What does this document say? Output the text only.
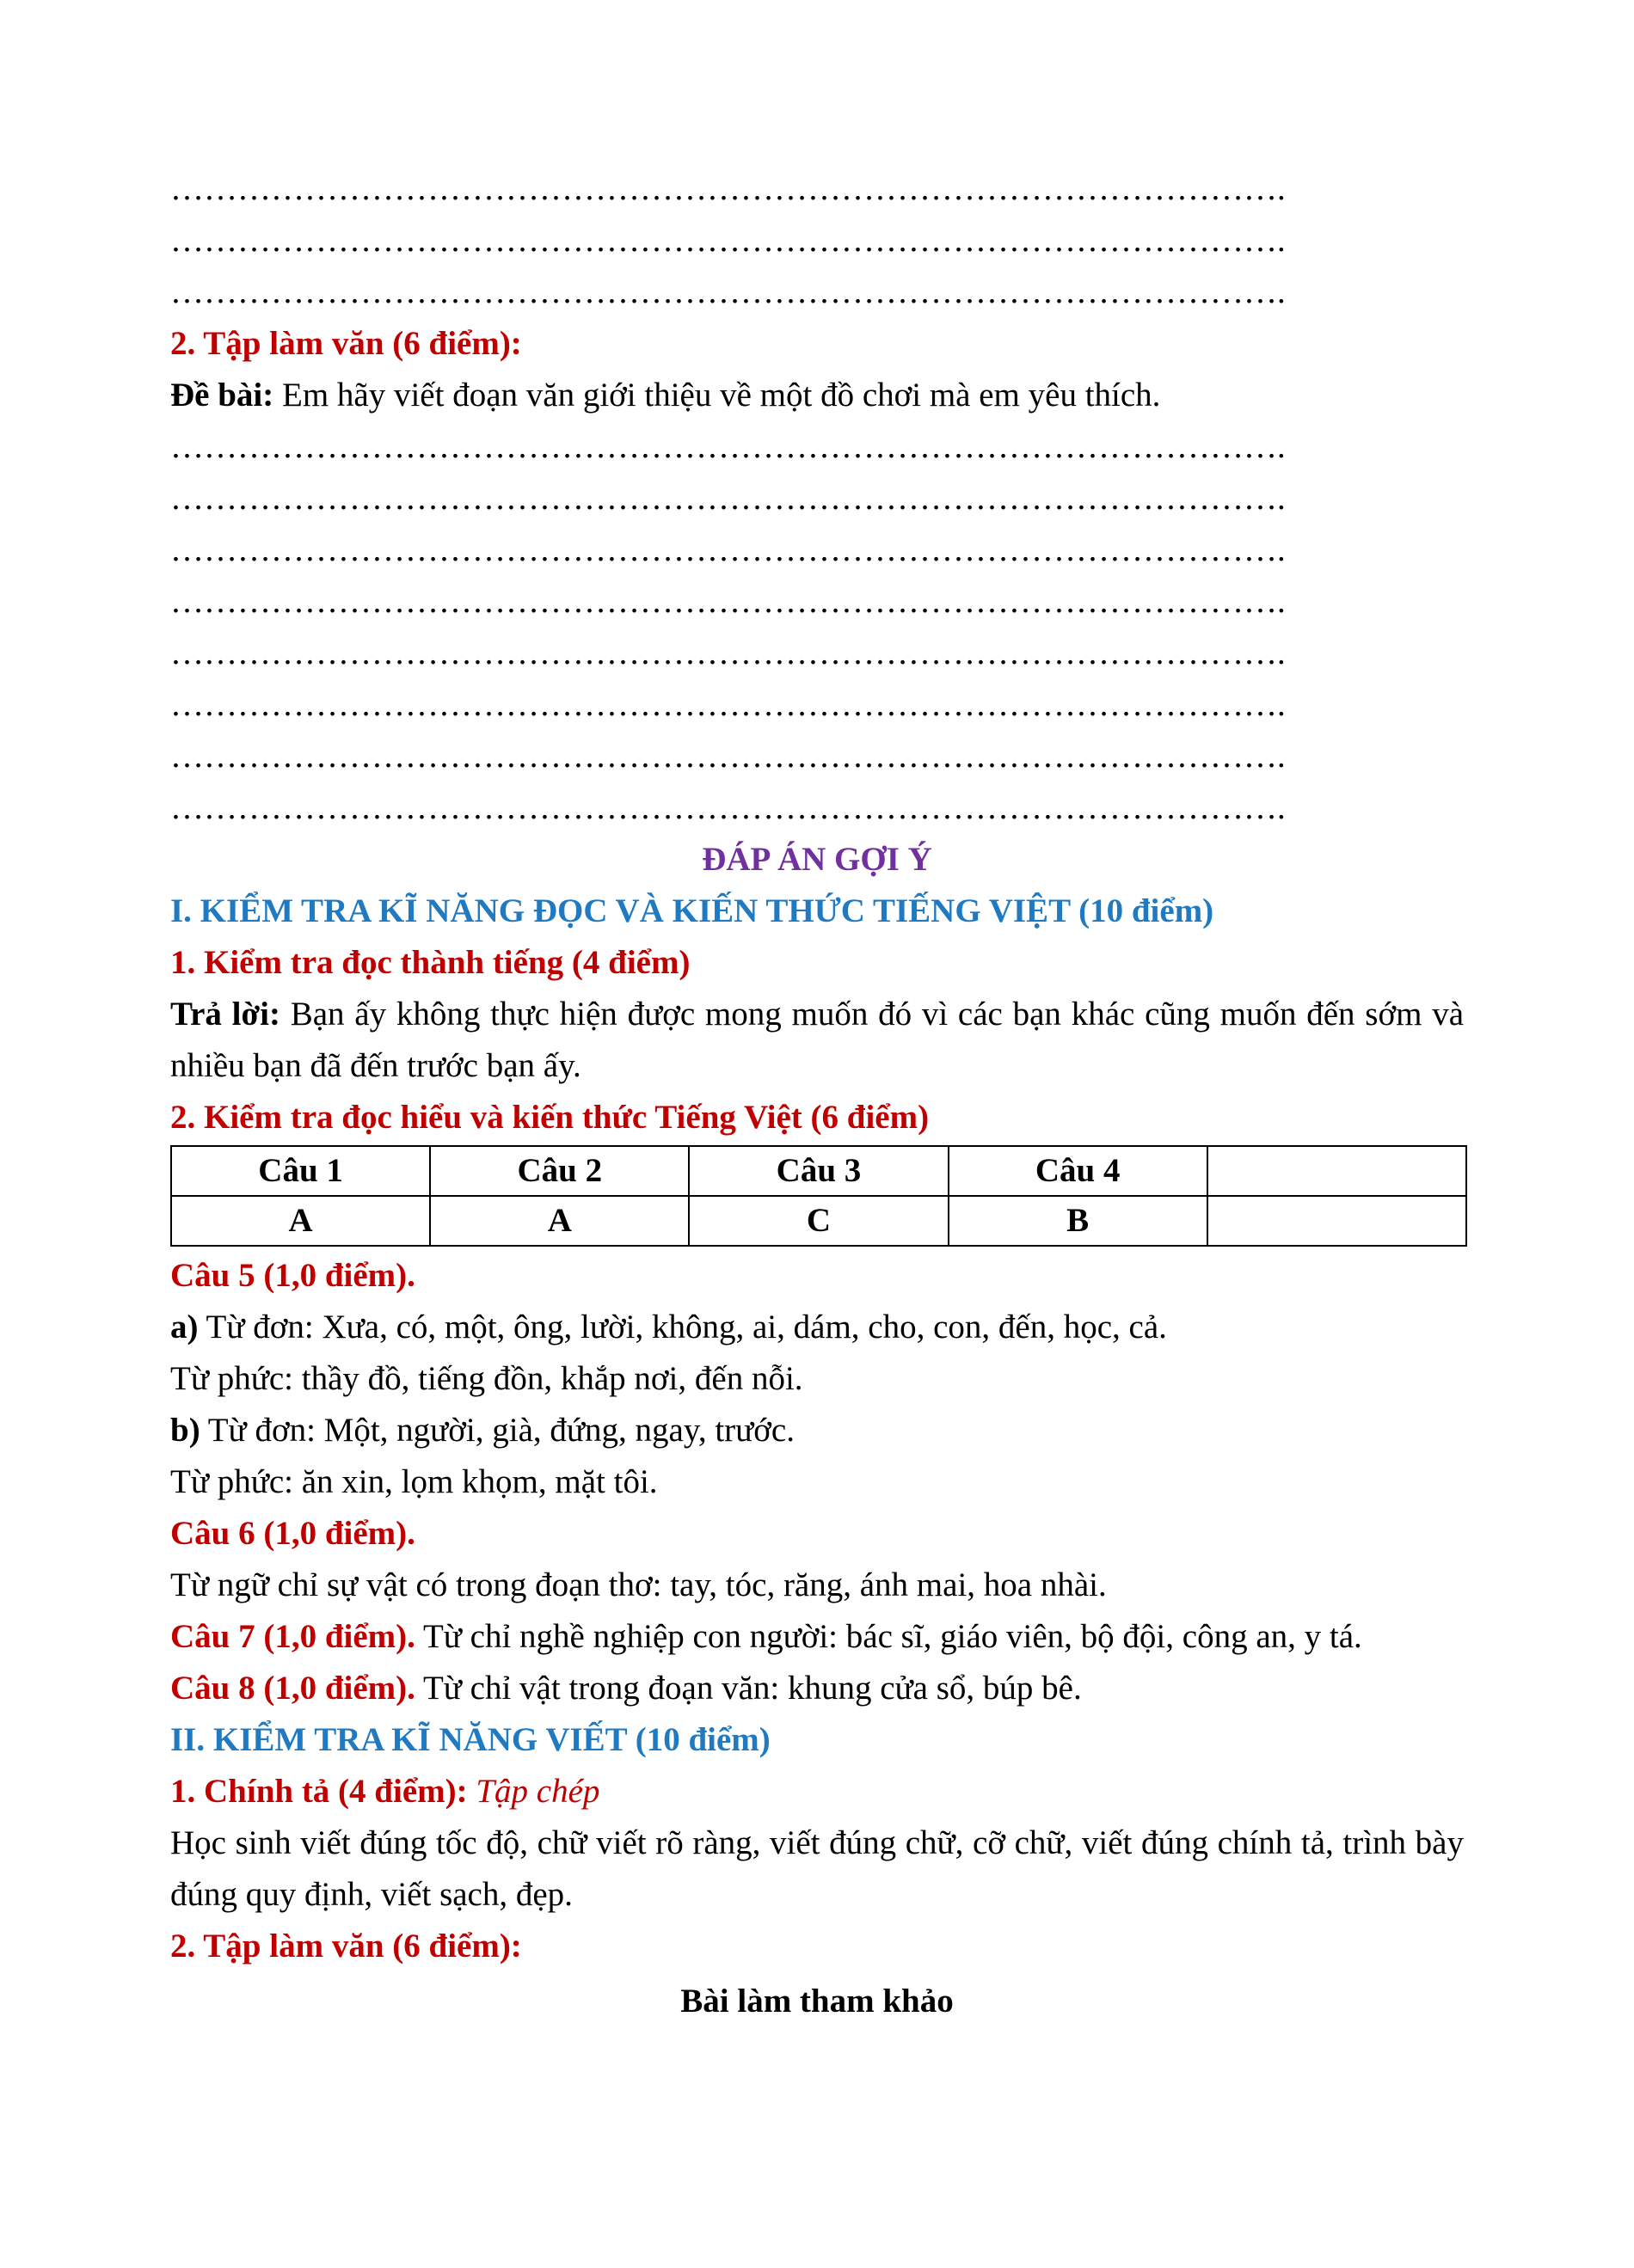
……………………………………………………………………………………….
……………………………………………………………………………………….
……………………………………………………………………………………….
2. Tập làm văn (6 điểm):
Đề bài: Em hãy viết đoạn văn giới thiệu về một đồ chơi mà em yêu thích.
……………………………………………………………………………………….
……………………………………………………………………………………….
……………………………………………………………………………………….
……………………………………………………………………………………….
……………………………………………………………………………………….
……………………………………………………………………………………….
……………………………………………………………………………………….
……………………………………………………………………………………….
ĐÁP ÁN GỢI Ý
I. KIỂM TRA KĨ NĂNG ĐỌC VÀ KIẾN THỨC TIẾNG VIỆT (10 điểm)
1. Kiểm tra đọc thành tiếng (4 điểm)
Trả lời: Bạn ấy không thực hiện được mong muốn đó vì các bạn khác cũng muốn đến sớm và nhiều bạn đã đến trước bạn ấy.
2. Kiểm tra đọc hiểu và kiến thức Tiếng Việt (6 điểm)
Câu 1	Câu 2	Câu 3	Câu 4	
A	A	C	B	
Câu 5 (1,0 điểm).
a) Từ đơn: Xưa, có, một, ông, lười, không, ai, dám, cho, con, đến, học, cả.
Từ phức: thầy đồ, tiếng đồn, khắp nơi, đến nỗi.
b) Từ đơn: Một, người, già, đứng, ngay, trước.
Từ phức: ăn xin, lọm khọm, mặt tôi.
Câu 6 (1,0 điểm).
Từ ngữ chỉ sự vật có trong đoạn thơ: tay, tóc, răng, ánh mai, hoa nhài.
Câu 7 (1,0 điểm). Từ chỉ nghề nghiệp con người: bác sĩ, giáo viên, bộ đội, công an, y tá.
Câu 8 (1,0 điểm). Từ chỉ vật trong đoạn văn: khung cửa sổ, búp bê.
II. KIỂM TRA KĨ NĂNG VIẾT (10 điểm)
1. Chính tả (4 điểm): Tập chép
Học sinh viết đúng tốc độ, chữ viết rõ ràng, viết đúng chữ, cỡ chữ, viết đúng chính tả, trình bày đúng quy định, viết sạch, đẹp.
2. Tập làm văn (6 điểm):
Bài làm tham khảo
